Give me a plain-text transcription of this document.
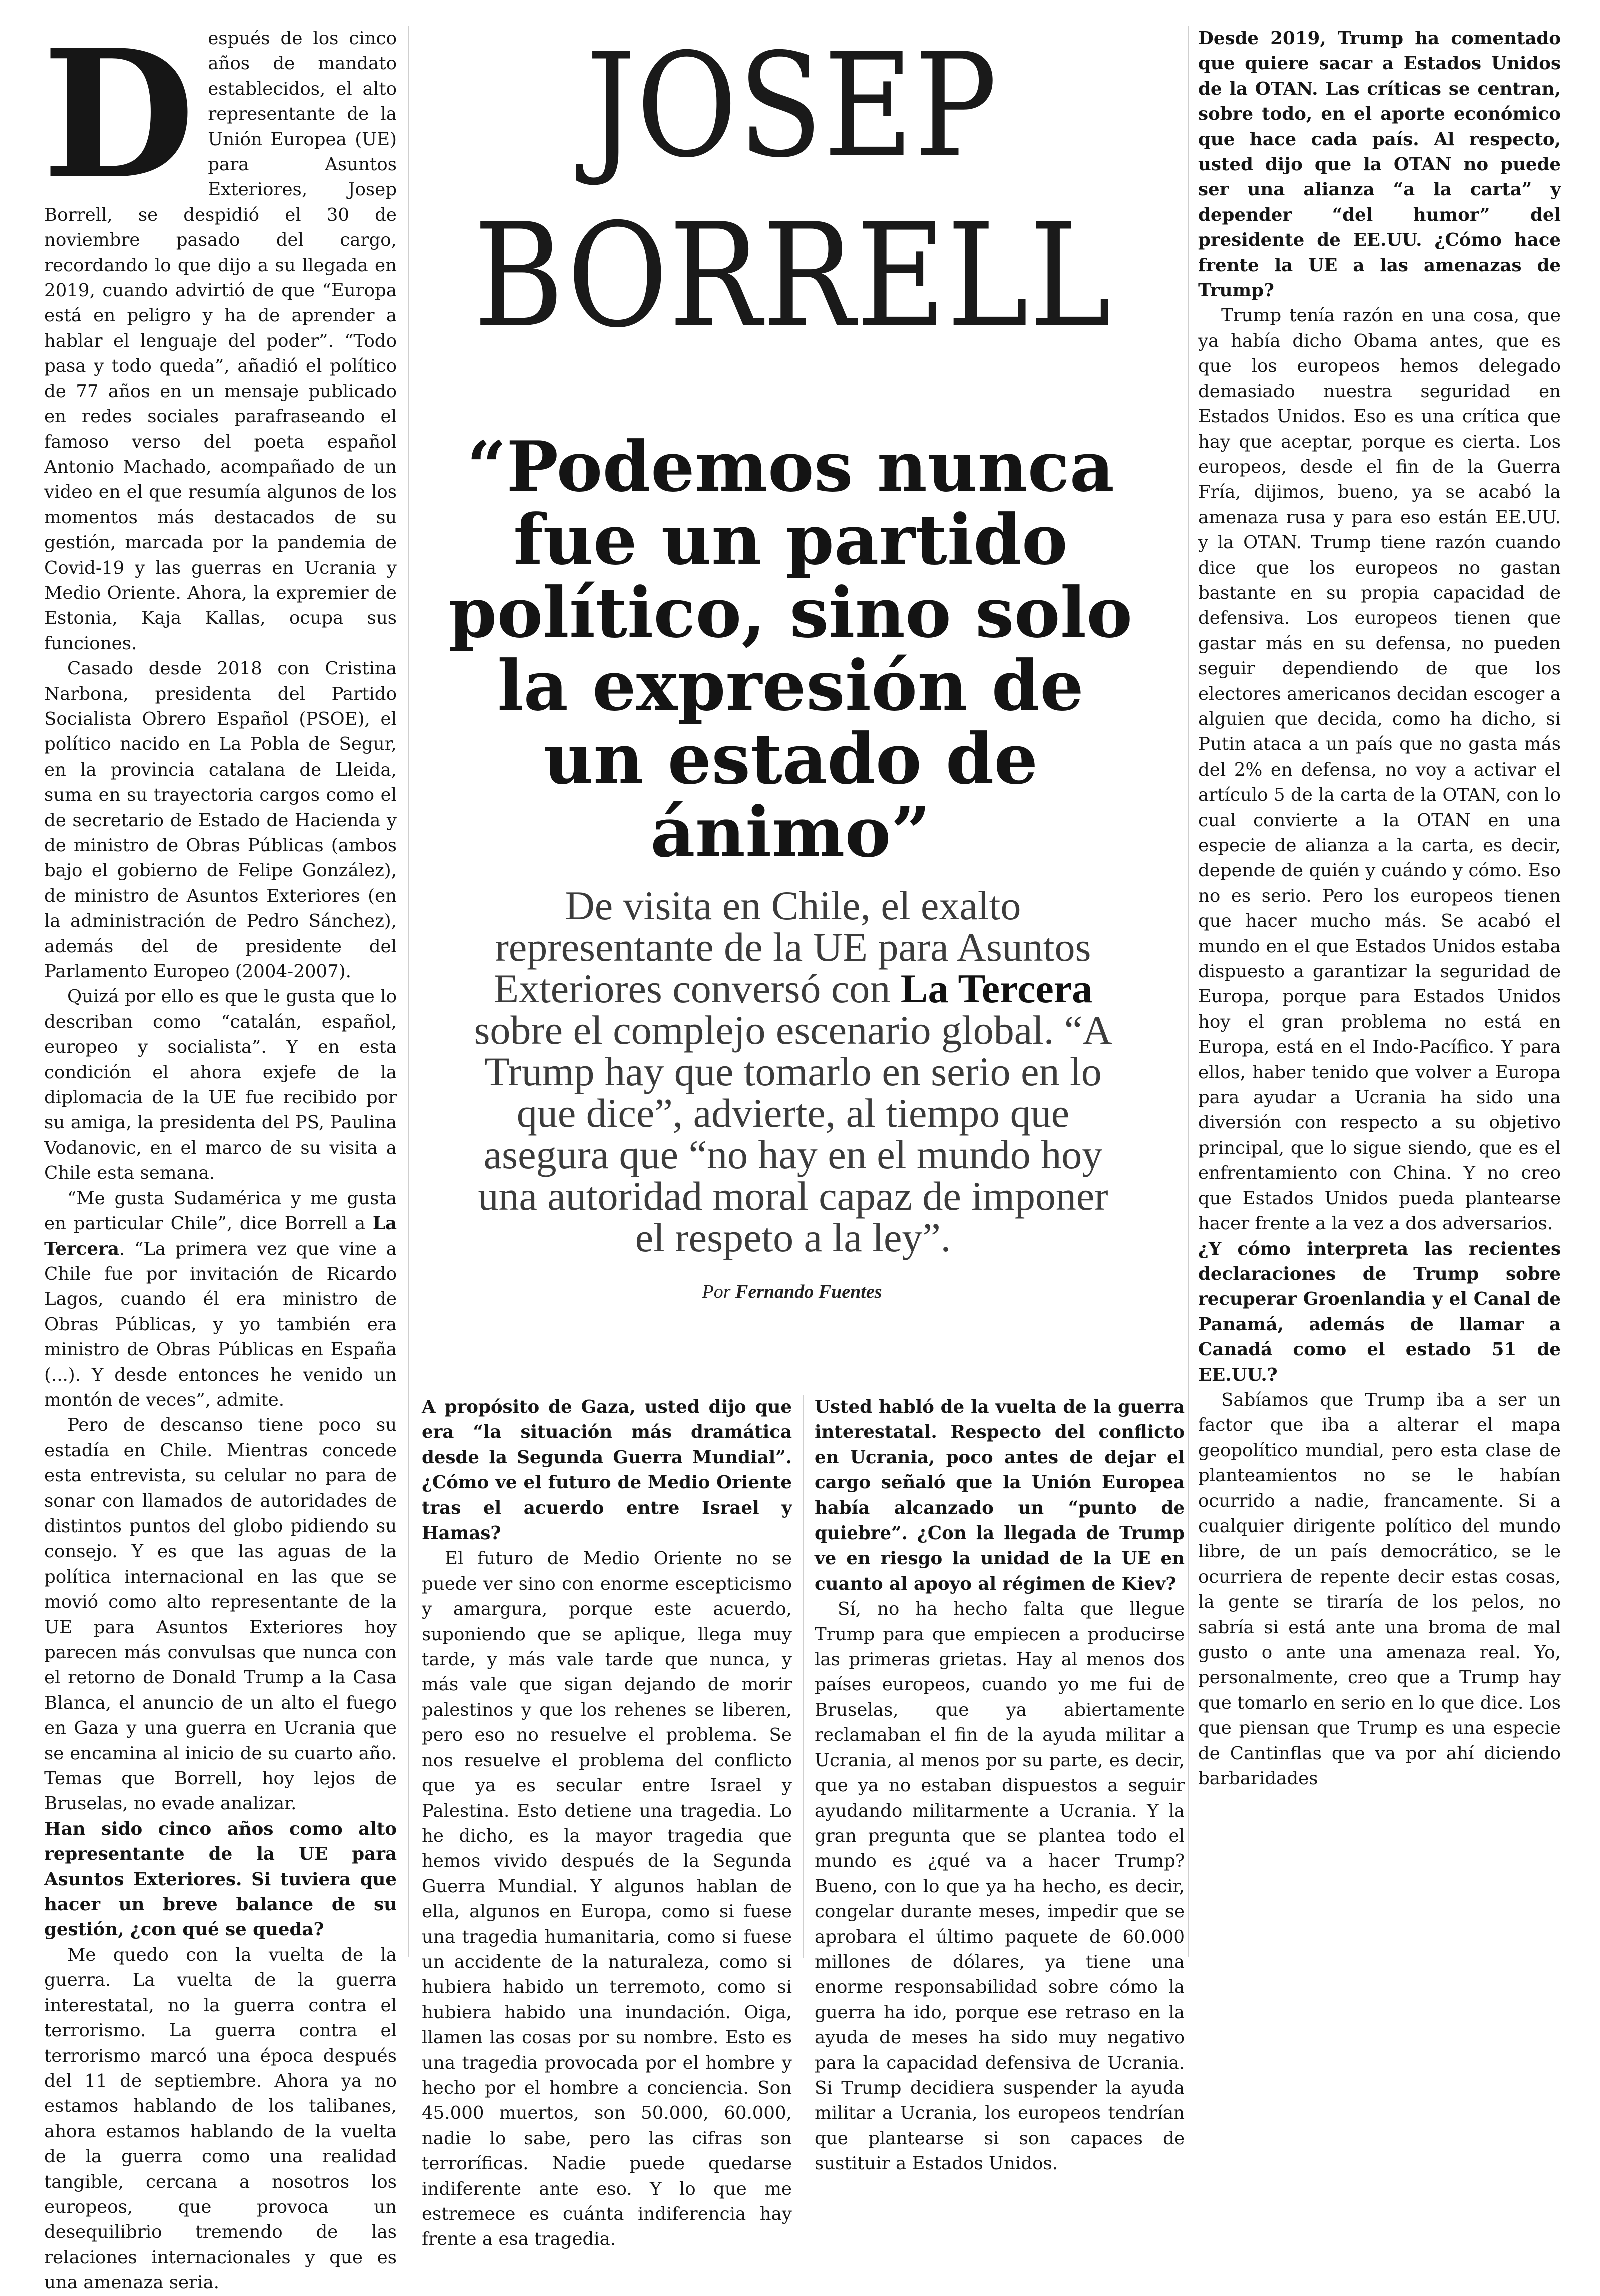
D espués de los cinco años de mandato establecidos, el alto representante de la Unión Europea (UE) para Asuntos Exteriores, Josep Borrell, se despidió el 30 de noviembre pasado del cargo, recordando lo que dijo a su llegada en 2019, cuando advirtió de que “Europa está en peligro y ha de aprender a hablar el lenguaje del poder”. “Todo pasa y todo queda”, añadió el político de 77 años en un mensaje publicado en redes sociales parafraseando el famoso verso del poeta español Antonio Machado, acompañado de un video en el que resumía algunos de los momentos más destacados de su gestión, marcada por la pandemia de Covid-19 y las guerras en Ucrania y Medio Oriente. Ahora, la expremier de Estonia, Kaja Kallas, ocupa sus funciones.

Casado desde 2018 con Cristina Narbona, presidenta del Partido Socialista Obrero Español (PSOE), el político nacido en La Pobla de Segur, en la provincia catalana de Lleida, suma en su trayectoria cargos como el de secretario de Estado de Hacienda y de ministro de Obras Públicas (ambos bajo el gobierno de Felipe González), de ministro de Asuntos Exteriores (en la administración de Pedro Sánchez), además del de presidente del Parlamento Europeo (2004-2007).

Quizá por ello es que le gusta que lo describan como “catalán, español, europeo y socialista”. Y en esta condición el ahora exjefe de la diplomacia de la UE fue recibido por su amiga, la presidenta del PS, Paulina Vodanovic, en el marco de su visita a Chile esta semana.

“Me gusta Sudamérica y me gusta en particular Chile”, dice Borrell a La Tercera. “La primera vez que vine a Chile fue por invitación de Ricardo Lagos, cuando él era ministro de Obras Públicas, y yo también era ministro de Obras Públicas en España (...). Y desde entonces he venido un montón de veces”, admite.

Pero de descanso tiene poco su estadía en Chile. Mientras concede esta entrevista, su celular no para de sonar con llamados de autoridades de distintos puntos del globo pidiendo su consejo. Y es que las aguas de la política internacional en las que se movió como alto representante de la UE para Asuntos Exteriores hoy parecen más convulsas que nunca con el retorno de Donald Trump a la Casa Blanca, el anuncio de un alto el fuego en Gaza y una guerra en Ucrania que se encamina al inicio de su cuarto año. Temas que Borrell, hoy lejos de Bruselas, no evade analizar.

Han sido cinco años como alto representante de la UE para Asuntos Exteriores. Si tuviera que hacer un breve balance de su gestión, ¿con qué se queda?

Me quedo con la vuelta de la guerra. La vuelta de la guerra interestatal, no la guerra contra el terrorismo. La guerra contra el terrorismo marcó una época después del 11 de septiembre. Ahora ya no estamos hablando de los talibanes, ahora estamos hablando de la vuelta de la guerra como una realidad tangible, cercana a nosotros los europeos, que provoca un desequilibrio tremendo de las relaciones internacionales y que es una amenaza seria.

JOSEP
BORRELL
“Podemos nunca fue un partido político, sino solo la expresión de un estado de ánimo”
De visita en Chile, el exalto representante de la UE para Asuntos Exteriores conversó con La Tercera sobre el complejo escenario global. “A Trump hay que tomarlo en serio en lo que dice”, advierte, al tiempo que asegura que “no hay en el mundo hoy una autoridad moral capaz de imponer el respeto a la ley”.
Por Fernando Fuentes

A propósito de Gaza, usted dijo que era “la situación más dramática desde la Segunda Guerra Mundial”. ¿Cómo ve el futuro de Medio Oriente tras el acuerdo entre Israel y Hamas?

El futuro de Medio Oriente no se puede ver sino con enorme escepticismo y amargura, porque este acuerdo, suponiendo que se aplique, llega muy tarde, y más vale tarde que nunca, y más vale que sigan dejando de morir palestinos y que los rehenes se liberen, pero eso no resuelve el problema. Se nos resuelve el problema del conflicto que ya es secular entre Israel y Palestina. Esto detiene una tragedia. Lo he dicho, es la mayor tragedia que hemos vivido después de la Segunda Guerra Mundial. Y algunos hablan de ella, algunos en Europa, como si fuese una tragedia humanitaria, como si fuese un accidente de la naturaleza, como si hubiera habido un terremoto, como si hubiera habido una inundación. Oiga, llamen las cosas por su nombre. Esto es una tragedia provocada por el hombre y hecho por el hombre a conciencia. Son 45.000 muertos, son 50.000, 60.000, nadie lo sabe, pero las cifras son terroríficas. Nadie puede quedarse indiferente ante eso. Y lo que me estremece es cuánta indiferencia hay frente a esa tragedia.

Usted habló de la vuelta de la guerra interestatal. Respecto del conflicto en Ucrania, poco antes de dejar el cargo señaló que la Unión Europea había alcanzado un “punto de quiebre”. ¿Con la llegada de Trump ve en riesgo la unidad de la UE en cuanto al apoyo al régimen de Kiev?

Sí, no ha hecho falta que llegue Trump para que empiecen a producirse las primeras grietas. Hay al menos dos países europeos, cuando yo me fui de Bruselas, que ya abiertamente reclamaban el fin de la ayuda militar a Ucrania, al menos por su parte, es decir, que ya no estaban dispuestos a seguir ayudando militarmente a Ucrania. Y la gran pregunta que se plantea todo el mundo es ¿qué va a hacer Trump? Bueno, con lo que ya ha hecho, es decir, congelar durante meses, impedir que se aprobara el último paquete de 60.000 millones de dólares, ya tiene una enorme responsabilidad sobre cómo la guerra ha ido, porque ese retraso en la ayuda de meses ha sido muy negativo para la capacidad defensiva de Ucrania. Si Trump decidiera suspender la ayuda militar a Ucrania, los europeos tendrían que plantearse si son capaces de sustituir a Estados Unidos.

Desde 2019, Trump ha comentado que quiere sacar a Estados Unidos de la OTAN. Las críticas se centran, sobre todo, en el aporte económico que hace cada país. Al respecto, usted dijo que la OTAN no puede ser una alianza “a la carta” y depender “del humor” del presidente de EE.UU. ¿Cómo hace frente la UE a las amenazas de Trump?

Trump tenía razón en una cosa, que ya había dicho Obama antes, que es que los europeos hemos delegado demasiado nuestra seguridad en Estados Unidos. Eso es una crítica que hay que aceptar, porque es cierta. Los europeos, desde el fin de la Guerra Fría, dijimos, bueno, ya se acabó la amenaza rusa y para eso están EE.UU. y la OTAN. Trump tiene razón cuando dice que los europeos no gastan bastante en su propia capacidad de defensiva. Los europeos tienen que gastar más en su defensa, no pueden seguir dependiendo de que los electores americanos decidan escoger a alguien que decida, como ha dicho, si Putin ataca a un país que no gasta más del 2% en defensa, no voy a activar el artículo 5 de la carta de la OTAN, con lo cual convierte a la OTAN en una especie de alianza a la carta, es decir, depende de quién y cuándo y cómo. Eso no es serio. Pero los europeos tienen que hacer mucho más. Se acabó el mundo en el que Estados Unidos estaba dispuesto a garantizar la seguridad de Europa, porque para Estados Unidos hoy el gran problema no está en Europa, está en el Indo-Pacífico. Y para ellos, haber tenido que volver a Europa para ayudar a Ucrania ha sido una diversión con respecto a su objetivo principal, que lo sigue siendo, que es el enfrentamiento con China. Y no creo que Estados Unidos pueda plantearse hacer frente a la vez a dos adversarios.

¿Y cómo interpreta las recientes declaraciones de Trump sobre recuperar Groenlandia y el Canal de Panamá, además de llamar a Canadá como el estado 51 de EE.UU.?

Sabíamos que Trump iba a ser un factor que iba a alterar el mapa geopolítico mundial, pero esta clase de planteamientos no se le habían ocurrido a nadie, francamente. Si a cualquier dirigente político del mundo libre, de un país democrático, se le ocurriera de repente decir estas cosas, la gente se tiraría de los pelos, no sabría si está ante una broma de mal gusto o ante una amenaza real. Yo, personalmente, creo que a Trump hay que tomarlo en serio en lo que dice. Los que piensan que Trump es una especie de Cantinflas que va por ahí diciendo barbaridades
